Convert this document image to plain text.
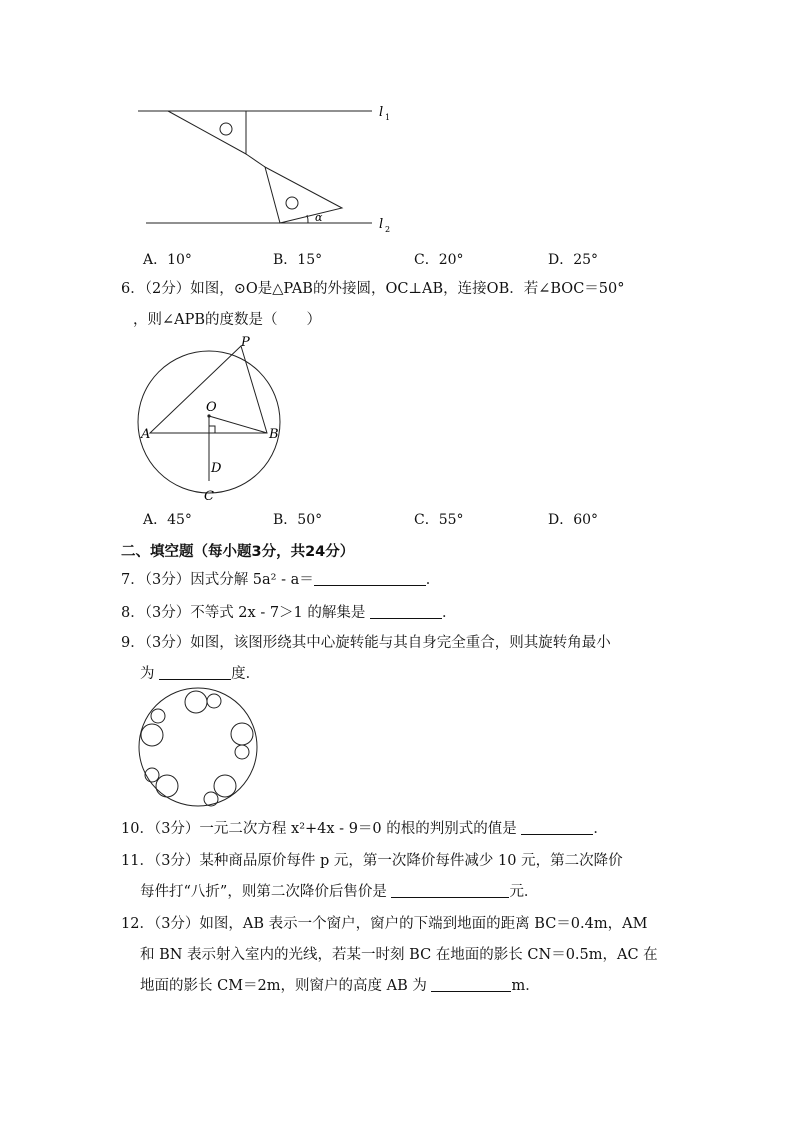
l 1
l 2
α
A．10°	B．15°	C．20°	D．25°
6．（2分）如图，⊙O是△PAB的外接圆，OC⊥AB，连接OB．若∠BOC＝50°
，则∠APB的度数是（　　）
P
O
A	B
D
C
A．45°	B．50°	C．55°	D．60°
二、填空题（每小题3分，共24分）
7．（3分）因式分解 5a² - a＝	．
8．（3分）不等式 2x - 7＞1 的解集是	．
9．（3分）如图，该图形绕其中心旋转能与其自身完全重合，则其旋转角最小
为	度．
10．（3分）一元二次方程 x²+4x - 9＝0 的根的判别式的值是	．
11．（3分）某种商品原价每件 p 元，第一次降价每件减少 10 元，第二次降价
每件打“八折”，则第二次降价后售价是	元．
12．（3分）如图，AB 表示一个窗户，窗户的下端到地面的距离 BC＝0.4m，AM
和 BN 表示射入室内的光线，若某一时刻 BC 在地面的影长 CN＝0.5m，AC 在
地面的影长 CM＝2m，则窗户的高度 AB 为	m．
